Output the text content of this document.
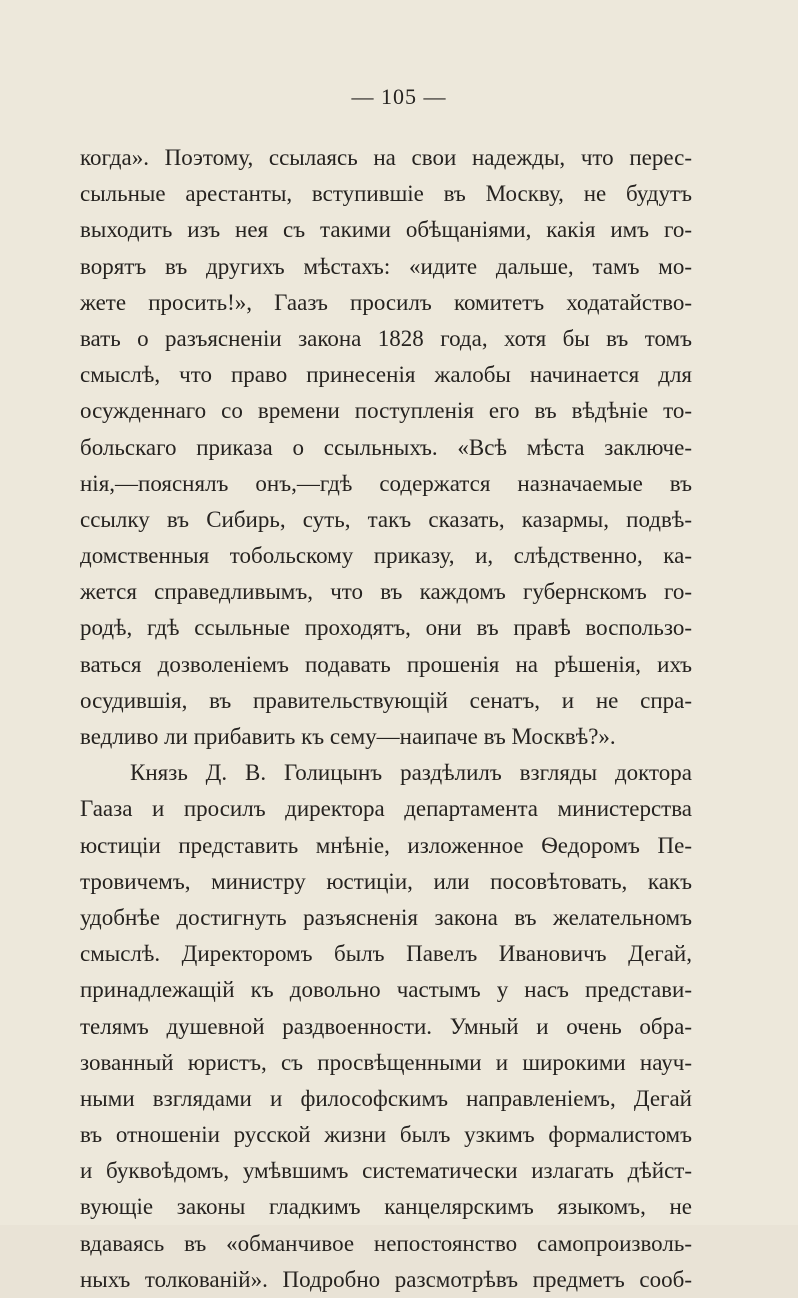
— 105 —
когда». Поэтому, ссылаясь на свои надежды, что перес-
сыльные арестанты, вступившіе въ Москву, не будутъ
выходить изъ нея съ такими обѣщаніями, какія имъ го-
ворятъ въ другихъ мѣстахъ: «идите дальше, тамъ мо-
жете просить!», Гаазъ просилъ комитетъ ходатайство-
вать о разъясненіи закона 1828 года, хотя бы въ томъ
смыслѣ, что право принесенія жалобы начинается для
осужденнаго со времени поступленія его въ вѣдѣніе то-
больскаго приказа о ссыльныхъ. «Всѣ мѣста заключе-
нія,—пояснялъ онъ,—гдѣ содержатся назначаемые въ
ссылку въ Сибирь, суть, такъ сказать, казармы, подвѣ-
домственныя тобольскому приказу, и, слѣдственно, ка-
жется справедливымъ, что въ каждомъ губернскомъ го-
родѣ, гдѣ ссыльные проходятъ, они въ правѣ воспользо-
ваться дозволеніемъ подавать прошенія на рѣшенія, ихъ
осудившія, въ правительствующій сенатъ, и не спра-
ведливо ли прибавить къ сему—наипаче въ Москвѣ?».
Князь Д. В. Голицынъ раздѣлилъ взгляды доктора
Гааза и просилъ директора департамента министерства
юстиціи представить мнѣніе, изложенное Ѳедоромъ Пе-
тровичемъ, министру юстиціи, или посовѣтовать, какъ
удобнѣе достигнуть разъясненія закона въ желательномъ
смыслѣ. Директоромъ былъ Павелъ Ивановичъ Дегай,
принадлежащій къ довольно частымъ у насъ представи-
телямъ душевной раздвоенности. Умный и очень обра-
зованный юристъ, съ просвѣщенными и широкими науч-
ными взглядами и философскимъ направленіемъ, Дегай
въ отношеніи русской жизни былъ узкимъ формалистомъ
и буквоѣдомъ, умѣвшимъ систематически излагать дѣйст-
вующіе законы гладкимъ канцелярскимъ языкомъ, не
вдаваясь въ «обманчивое непостоянство самопроизволь-
ныхъ толкованій». Подробно разсмотрѣвъ предметъ сооб-
